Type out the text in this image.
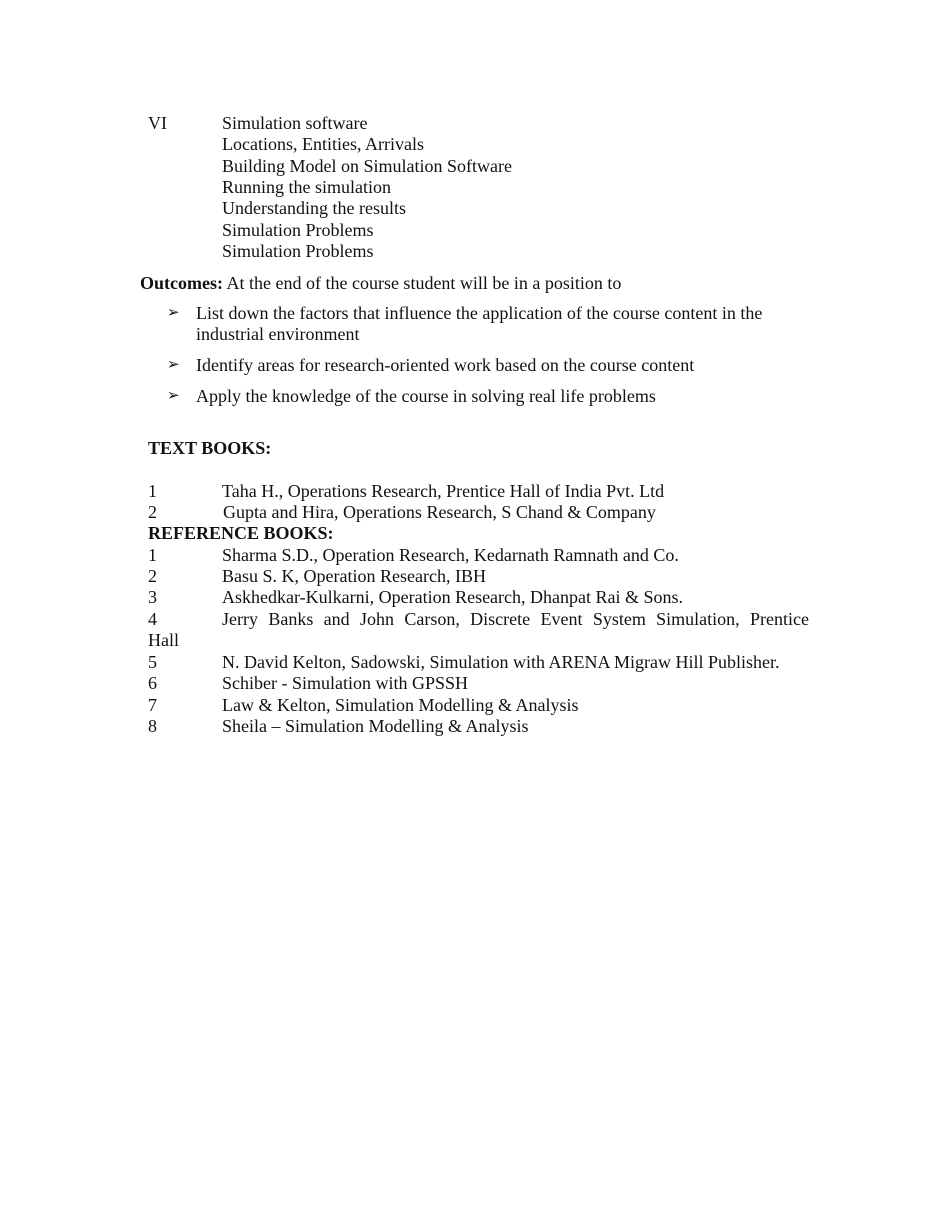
VI	Simulation software
Locations, Entities, Arrivals
Building Model on Simulation Software
Running the simulation
Understanding the results
Simulation Problems
Simulation Problems
Outcomes: At the end of the course student will be in a position to
➢ List down the factors that influence the application of the course content in the industrial environment
➢ Identify areas for research-oriented work based on the course content
➢ Apply the knowledge of the course in solving real life problems
TEXT BOOKS:
1	Taha H., Operations Research, Prentice Hall of India Pvt. Ltd
2	Gupta and Hira, Operations Research, S Chand & Company
REFERENCE BOOKS:
1	Sharma S.D., Operation Research, Kedarnath Ramnath and Co.
2	Basu S. K, Operation Research, IBH
3	Askhedkar-Kulkarni, Operation Research, Dhanpat Rai & Sons.
4	Jerry Banks and John Carson, Discrete Event System Simulation, Prentice
Hall
5	N. David Kelton, Sadowski, Simulation with ARENA Migraw Hill Publisher.
6	Schiber - Simulation with GPSSH
7	Law & Kelton, Simulation Modelling & Analysis
8	Sheila – Simulation Modelling & Analysis
